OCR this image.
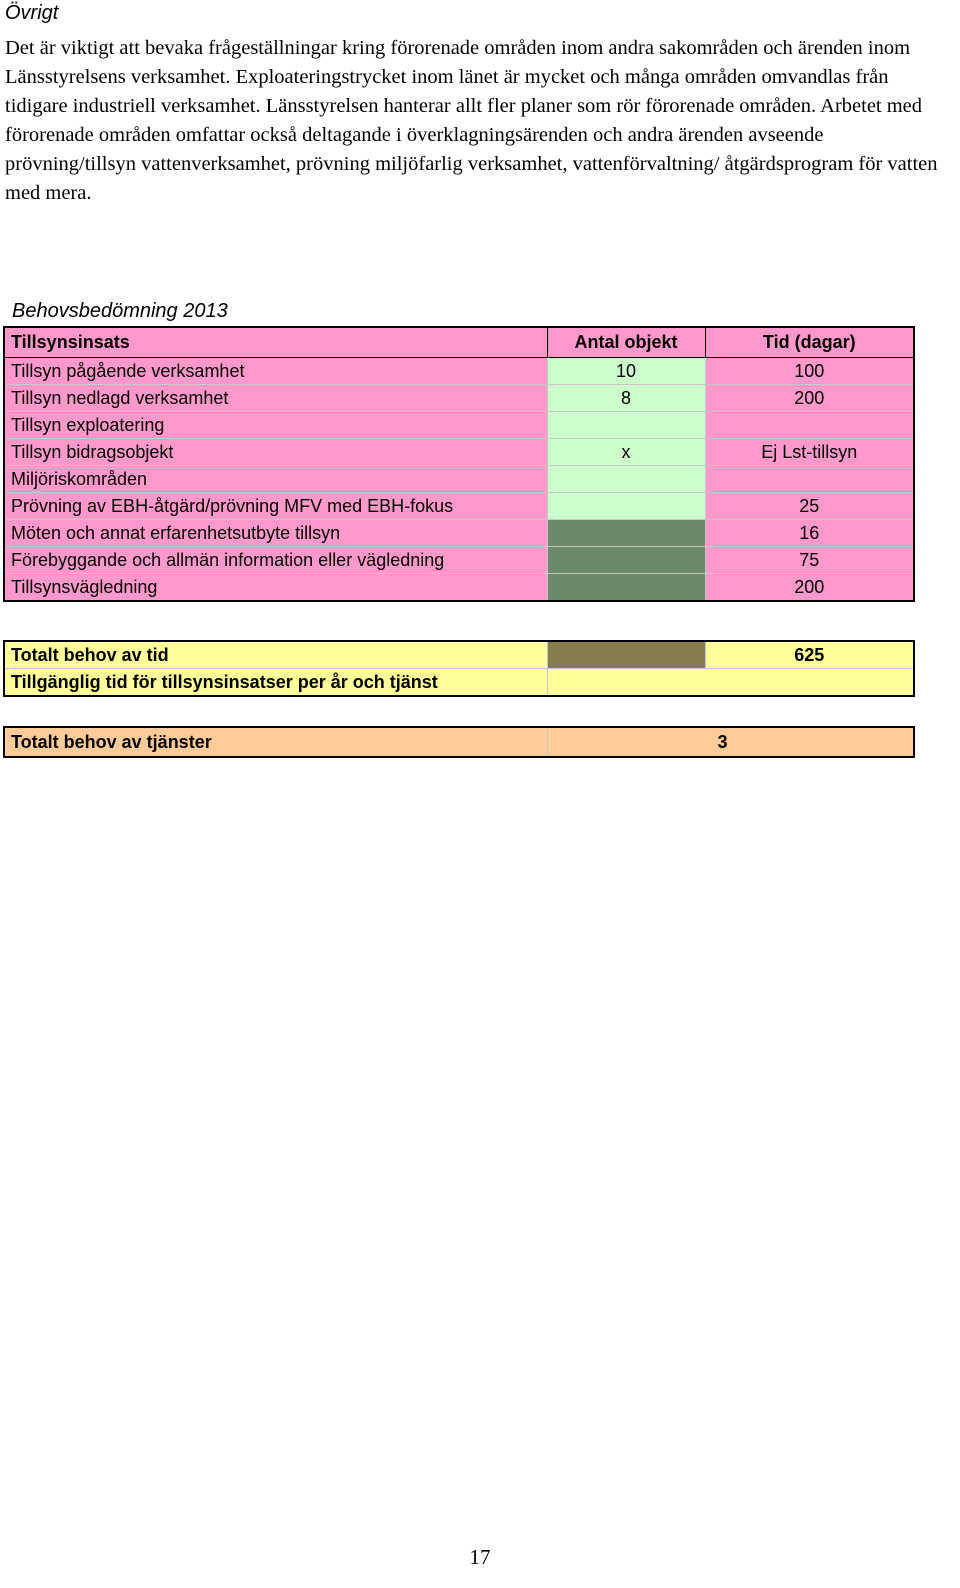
Övrigt

Det är viktigt att bevaka frågeställningar kring förorenade områden inom andra sakområden och ärenden inom Länsstyrelsens verksamhet. Exploateringstrycket inom länet är mycket och många områden omvandlas från tidigare industriell verksamhet. Länsstyrelsen hanterar allt fler planer som rör förorenade områden. Arbetet med förorenade områden omfattar också deltagande i överklagningsärenden och andra ärenden avseende prövning/tillsyn vattenverksamhet, prövning miljöfarlig verksamhet, vattenförvaltning/ åtgärdsprogram för vatten med mera.

Behovsbedömning 2013
Tillsynsinsats	Antal objekt	Tid (dagar)
Tillsyn pågående verksamhet	10	100
Tillsyn nedlagd verksamhet	8	200
Tillsyn exploatering		
Tillsyn bidragsobjekt	x	Ej Lst-tillsyn
Miljöriskområden		
Prövning av EBH-åtgärd/prövning MFV med EBH-fokus		25
Möten och annat erfarenhetsutbyte tillsyn		16
Förebyggande och allmän information eller vägledning		75
Tillsynsvägledning		200
Totalt behov av tid		625
Tillgänglig tid för tillsynsinsatser per år och tjänst		
Totalt behov av tjänster	3
17
